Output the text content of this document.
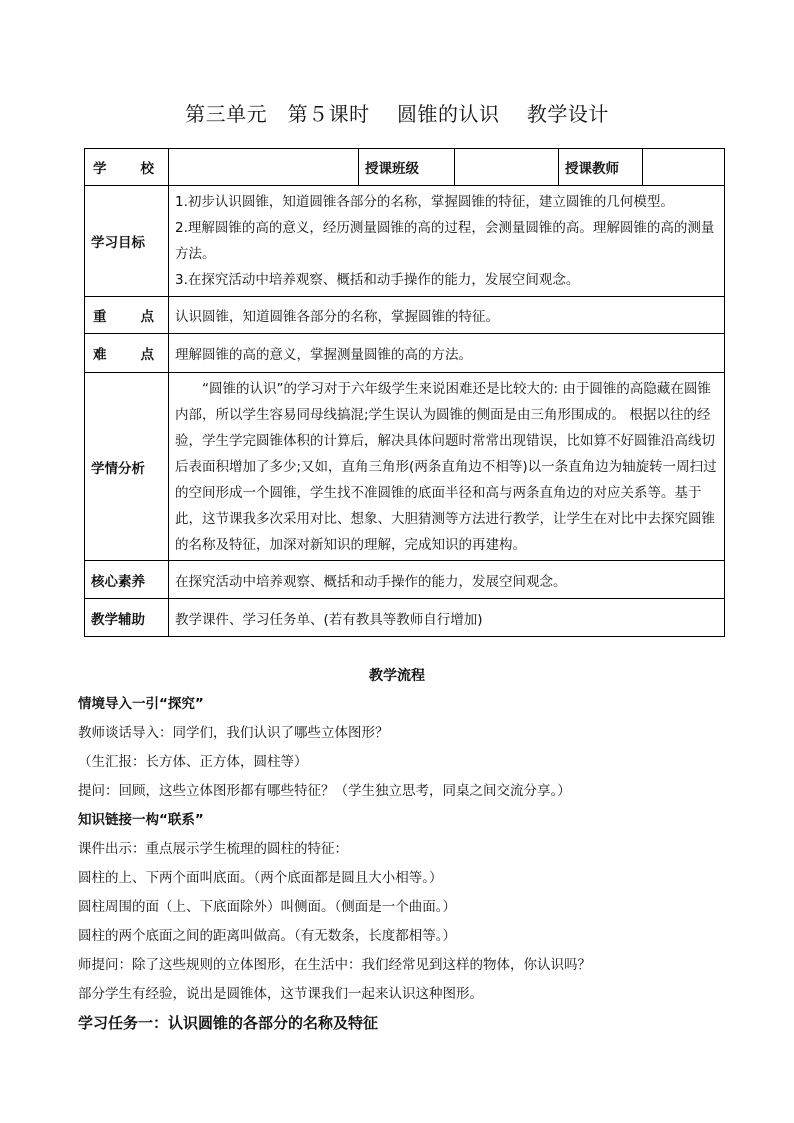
第三单元　第５课时　 圆锥的认识　 教学设计
学　　校		授课班级		授课教师	
学习目标	1.初步认识圆锥，知道圆锥各部分的名称，掌握圆锥的特征，建立圆锥的几何模型。
2.理解圆锥的高的意义，经历测量圆锥的高的过程，会测量圆锥的高。理解圆锥的高的测量方法。
3.在探究活动中培养观察、概括和动手操作的能力，发展空间观念。				

重　　点	认识圆锥，知道圆锥各部分的名称，掌握圆锥的特征。				
难　　点	理解圆锥的高的意义，掌握测量圆锥的高的方法。				
学情分析	“圆锥的认识”的学习对于六年级学生来说困难还是比较大的: 由于圆锥的高隐藏在圆锥内部，所以学生容易同母线搞混;学生误认为圆锥的侧面是由三角形围成的。 根据以往的经验，学生学完圆锥体积的计算后，解决具体问题时常常出现错误，比如算不好圆锥沿高线切后表面积增加了多少;又如，直角三角形(两条直角边不相等)以一条直角边为轴旋转一周扫过的空间形成一个圆锥，学生找不准圆锥的底面半径和高与两条直角边的对应关系等。基于此，这节课我多次采用对比、想象、大胆猜测等方法进行教学，让学生在对比中去探究圆锥的名称及特征，加深对新知识的理解，完成知识的再建构。				
核心素养	在探究活动中培养观察、概括和动手操作的能力，发展空间观念。				
教学辅助	教学课件、学习任务单、(若有教具等教师自行增加)				
教学流程

情境导入一引“探究”

教师谈话导入：同学们，我们认识了哪些立体图形？

（生汇报：长方体、正方体，圆柱等）

提问：回顾，这些立体图形都有哪些特征？（学生独立思考，同桌之间交流分享。）

知识链接一构“联系”

课件出示：重点展示学生梳理的圆柱的特征：

圆柱的上、下两个面叫底面。（两个底面都是圆且大小相等。）

圆柱周围的面（上、下底面除外）叫侧面。（侧面是一个曲面。）

圆柱的两个底面之间的距离叫做高。（有无数条，长度都相等。）

师提问：除了这些规则的立体图形，在生活中：我们经常见到这样的物体，你认识吗？

部分学生有经验，说出是圆锥体，这节课我们一起来认识这种图形。

学习任务一：认识圆锥的各部分的名称及特征
